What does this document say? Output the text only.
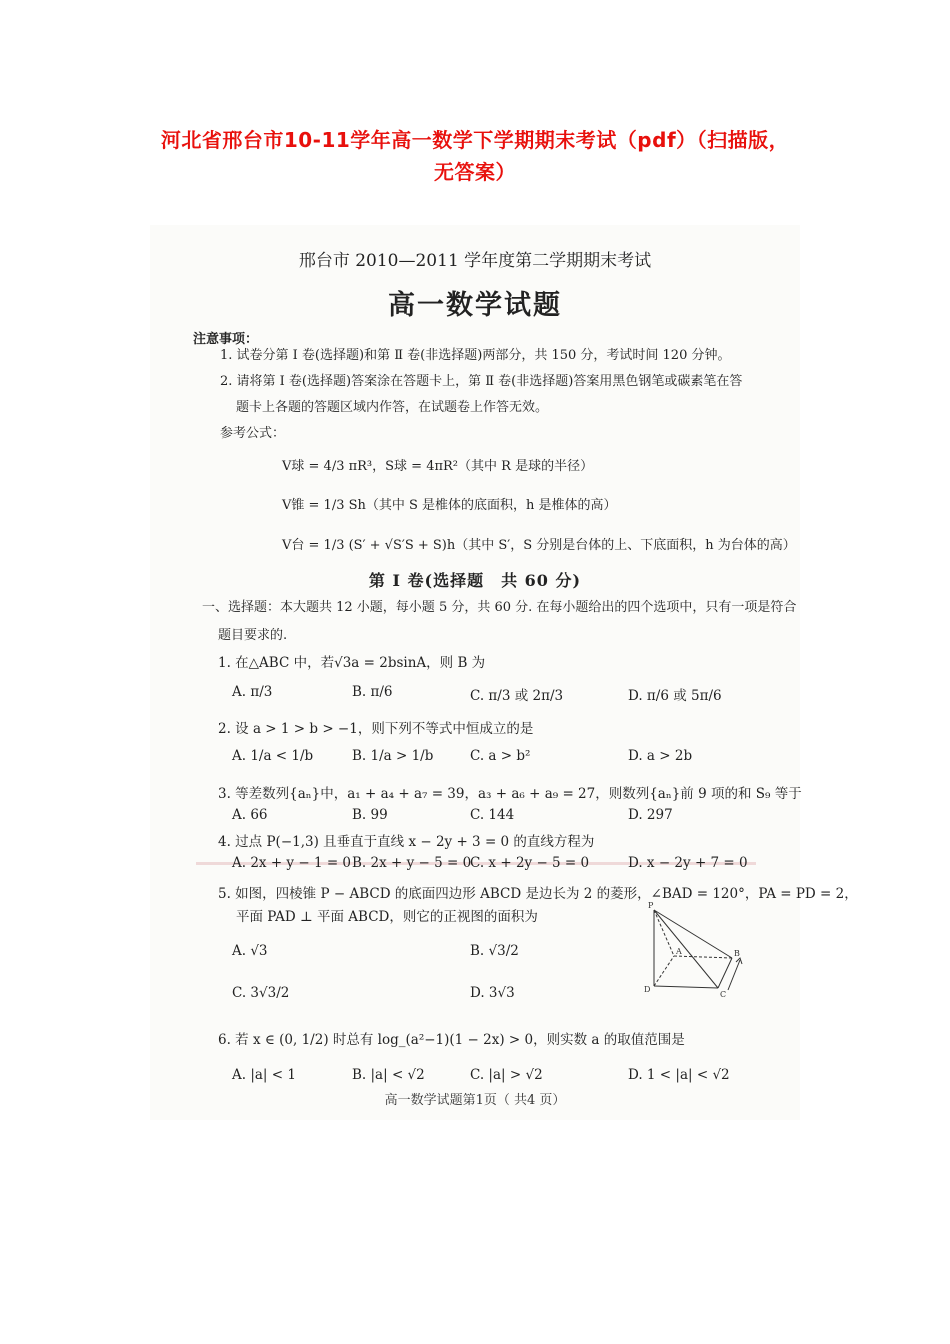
河北省邢台市10-11学年高一数学下学期期末考试（pdf）（扫描版，
无答案）
邢台市 2010—2011 学年度第二学期期末考试
高一数学试题
注意事项：
1. 试卷分第 Ⅰ 卷(选择题)和第 Ⅱ 卷(非选择题)两部分，共 150 分，考试时间 120 分钟。
2. 请将第 Ⅰ 卷(选择题)答案涂在答题卡上，第 Ⅱ 卷(非选择题)答案用黑色钢笔或碳素笔在答
题卡上各题的答题区域内作答，在试题卷上作答无效。
参考公式：
V球 = 4/3 πR³，S球 = 4πR²（其中 R 是球的半径）
V锥 = 1/3 Sh（其中 S 是椎体的底面积，h 是椎体的高）
V台 = 1/3 (S′ + √S′S + S)h（其中 S′，S 分别是台体的上、下底面积，h 为台体的高）
第 Ⅰ 卷(选择题　共 60 分)
一、选择题：本大题共 12 小题，每小题 5 分，共 60 分. 在每小题给出的四个选项中，只有一项是符合
题目要求的.
1. 在△ABC 中，若√3a = 2bsinA，则 B 为
A. π/3	B. π/6	C. π/3 或 2π/3	D. π/6 或 5π/6
2. 设 a > 1 > b > −1，则下列不等式中恒成立的是
A. 1/a < 1/b	B. 1/a > 1/b	C. a > b²	D. a > 2b
3. 等差数列{aₙ}中，a₁ + a₄ + a₇ = 39，a₃ + a₆ + a₉ = 27，则数列{aₙ}前 9 项的和 S₉ 等于
A. 66	B. 99	C. 144	D. 297
4. 过点 P(−1,3) 且垂直于直线 x − 2y + 3 = 0 的直线方程为
A. 2x + y − 1 = 0 B. 2x + y − 5 = 0
C. x + 2y − 5 = 0	D. x − 2y + 7 = 0
5. 如图，四棱锥 P − ABCD 的底面四边形 ABCD 是边长为 2 的菱形，∠BAD = 120°，PA = PD = 2，
平面 PAD ⊥ 平面 ABCD，则它的正视图的面积为
A. √3	B. √3/2
C. 3√3/2	D. 3√3
P
A	B
C
D
6. 若 x ∈ (0, 1/2) 时总有 log_(a²−1)(1 − 2x) > 0，则实数 a 的取值范围是
A. |a| < 1	B. |a| < √2	C. |a| > √2	D. 1 < |a| < √2
高一数学试题第1页（ 共4 页）
